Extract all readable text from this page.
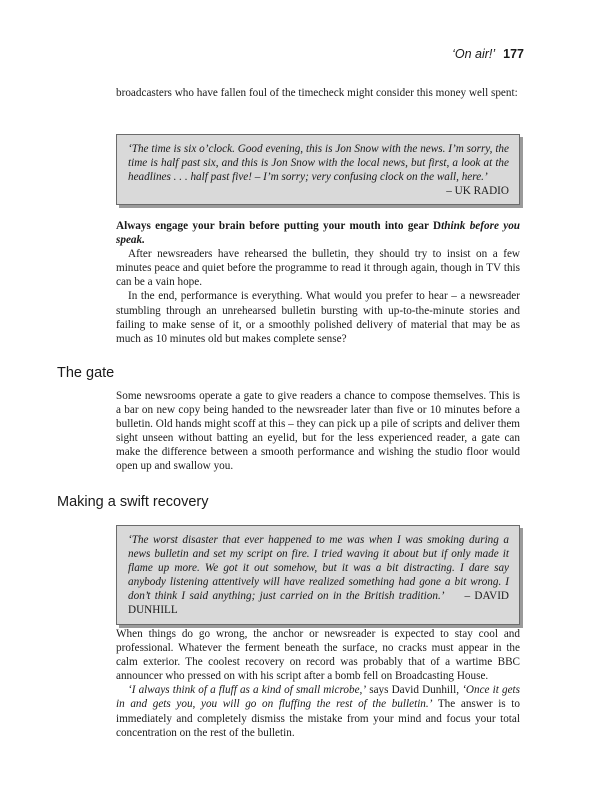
‘On air!’ 177

broadcasters who have fallen foul of the timecheck might consider this money well spent:

‘The time is six o’clock. Good evening, this is Jon Snow with the news. I’m sorry, the time is half past six, and this is Jon Snow with the local news, but first, a look at the headlines . . . half past five! – I’m sorry; very confusing clock on the wall, here.’
– UK RADIO

Always engage your brain before putting your mouth into gear Dthink before you speak.

After newsreaders have rehearsed the bulletin, they should try to insist on a few minutes peace and quiet before the programme to read it through again, though in TV this can be a vain hope.

In the end, performance is everything. What would you prefer to hear – a newsreader stumbling through an unrehearsed bulletin bursting with up-to-the-minute stories and failing to make sense of it, or a smoothly polished delivery of material that may be as much as 10 minutes old but makes complete sense?

The gate

Some newsrooms operate a gate to give readers a chance to compose themselves. This is a bar on new copy being handed to the newsreader later than five or 10 minutes before a bulletin. Old hands might scoff at this – they can pick up a pile of scripts and deliver them sight unseen without batting an eyelid, but for the less experienced reader, a gate can make the difference between a smooth performance and wishing the studio floor would open up and swallow you.

Making a swift recovery
‘The worst disaster that ever happened to me was when I was smoking during a news bulletin and set my script on fire. I tried waving it about but if only made it flame up more. We got it out somehow, but it was a bit distracting. I dare say anybody listening attentively will have realized something had gone a bit wrong. I don’t think I said anything; just carried on in the British tradition.’ – DAVID DUNHILL

When things do go wrong, the anchor or newsreader is expected to stay cool and professional. Whatever the ferment beneath the surface, no cracks must appear in the calm exterior. The coolest recovery on record was probably that of a wartime BBC announcer who pressed on with his script after a bomb fell on Broadcasting House.

‘I always think of a fluff as a kind of small microbe,’ says David Dunhill, ‘Once it gets in and gets you, you will go on fluffing the rest of the bulletin.’ The answer is to immediately and completely dismiss the mistake from your mind and focus your total concentration on the rest of the bulletin.
